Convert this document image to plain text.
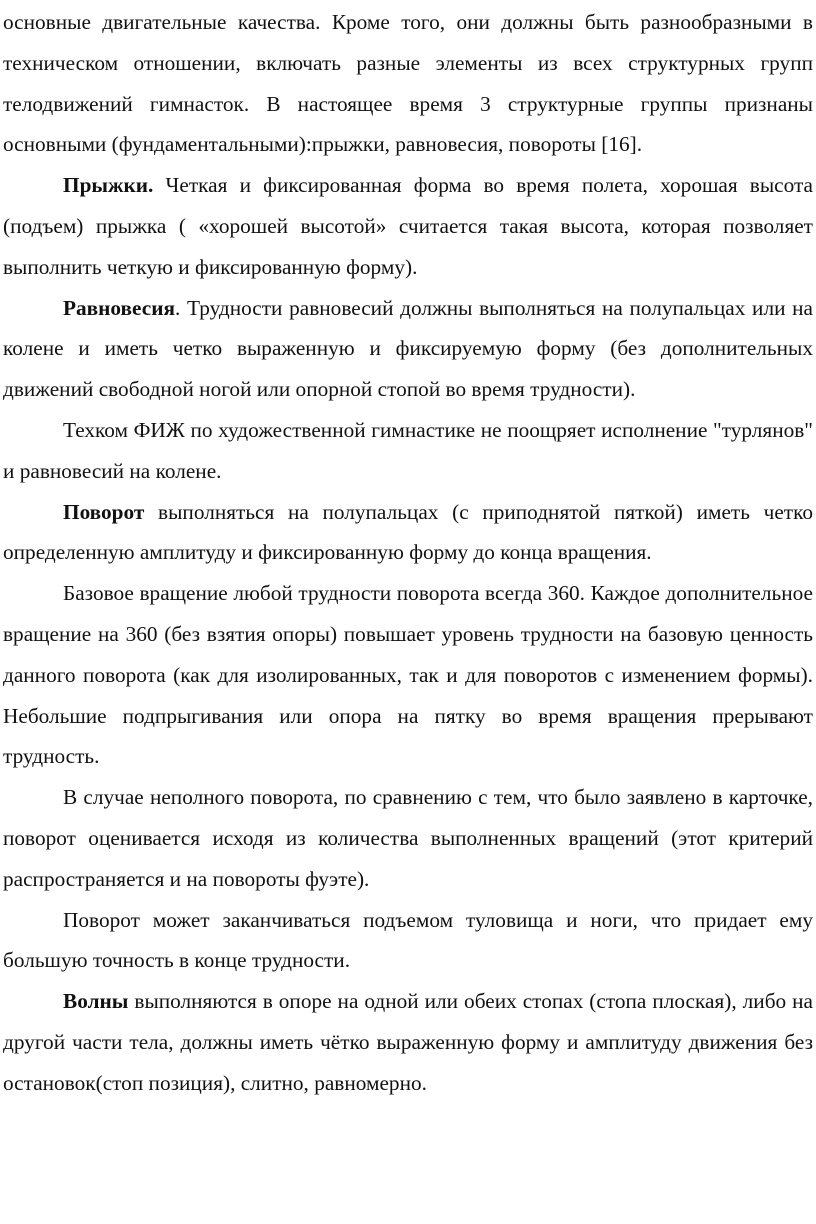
основные двигательные качества. Кроме того, они должны быть разнообразными в техническом отношении, включать разные элементы из всех структурных групп телодвижений гимнасток. В настоящее время 3 структурные группы признаны основными (фундаментальными):прыжки, равновесия, повороты [16].

Прыжки. Четкая и фиксированная форма во время полета, хорошая высота (подъем) прыжка ( «хорошей высотой» считается такая высота, которая позволяет выполнить четкую и фиксированную форму).

Равновесия. Трудности равновесий должны выполняться на полупальцах или на колене и иметь четко выраженную и фиксируемую форму (без дополнительных движений свободной ногой или опорной стопой во время трудности).

Техком ФИЖ по художественной гимнастике не поощряет исполнение "турлянов" и равновесий на колене.

Поворот выполняться на полупальцах (с приподнятой пяткой) иметь четко определенную амплитуду и фиксированную форму до конца вращения.

Базовое вращение любой трудности поворота всегда 360. Каждое дополнительное вращение на 360 (без взятия опоры) повышает уровень трудности на базовую ценность данного поворота (как для изолированных, так и для поворотов с изменением формы). Небольшие подпрыгивания или опора на пятку во время вращения прерывают трудность.

В случае неполного поворота, по сравнению с тем, что было заявлено в карточке, поворот оценивается исходя из количества выполненных вращений (этот критерий распространяется и на повороты фуэте).

Поворот может заканчиваться подъемом туловища и ноги, что придает ему большую точность в конце трудности.

Волны выполняются в опоре на одной или обеих стопах (стопа плоская), либо на другой части тела, должны иметь чётко выраженную форму и амплитуду движения без остановок(стоп позиция), слитно, равномерно.
